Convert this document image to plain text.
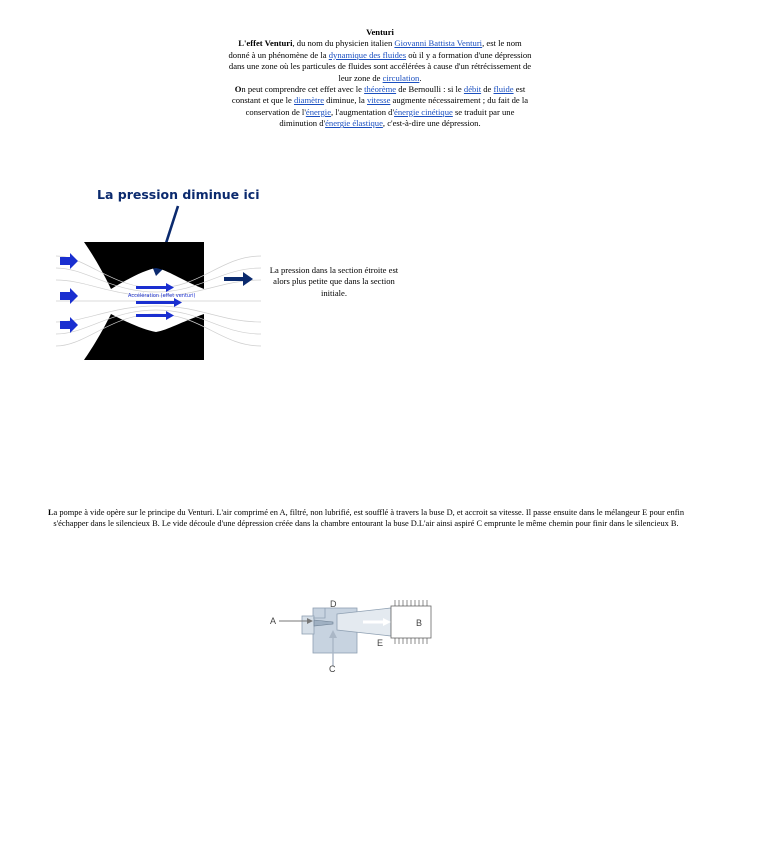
Venturi
L'effet Venturi, du nom du physicien italien Giovanni Battista Venturi, est le nom donné à un phénomène de la dynamique des fluides où il y a formation d'une dépression dans une zone où les particules de fluides sont accélérées à cause d'un rétrécissement de leur zone de circulation.
On peut comprendre cet effet avec le théorème de Bernoulli : si le débit de fluide est constant et que le diamètre diminue, la vitesse augmente nécessairement ; du fait de la conservation de l'énergie, l'augmentation d'énergie cinétique se traduit par une diminution d'énergie élastique, c'est-à-dire une dépression.
La pression diminue ici
Accélération (effet venturi)
La pression dans la section étroite est alors plus petite que dans la section initiale.
La pompe à vide opère sur le principe du Venturi. L'air comprimé en A, filtré, non lubrifié, est soufflé à travers la buse D, et accroit sa vitesse. Il passe ensuite dans le mélangeur E pour enfin s'échapper dans le silencieux B. Le vide découle d'une dépression créée dans la chambre entourant la buse D.L'air ainsi aspiré C emprunte le même chemin pour finir dans le silencieux B.
A	B
C
D
E
